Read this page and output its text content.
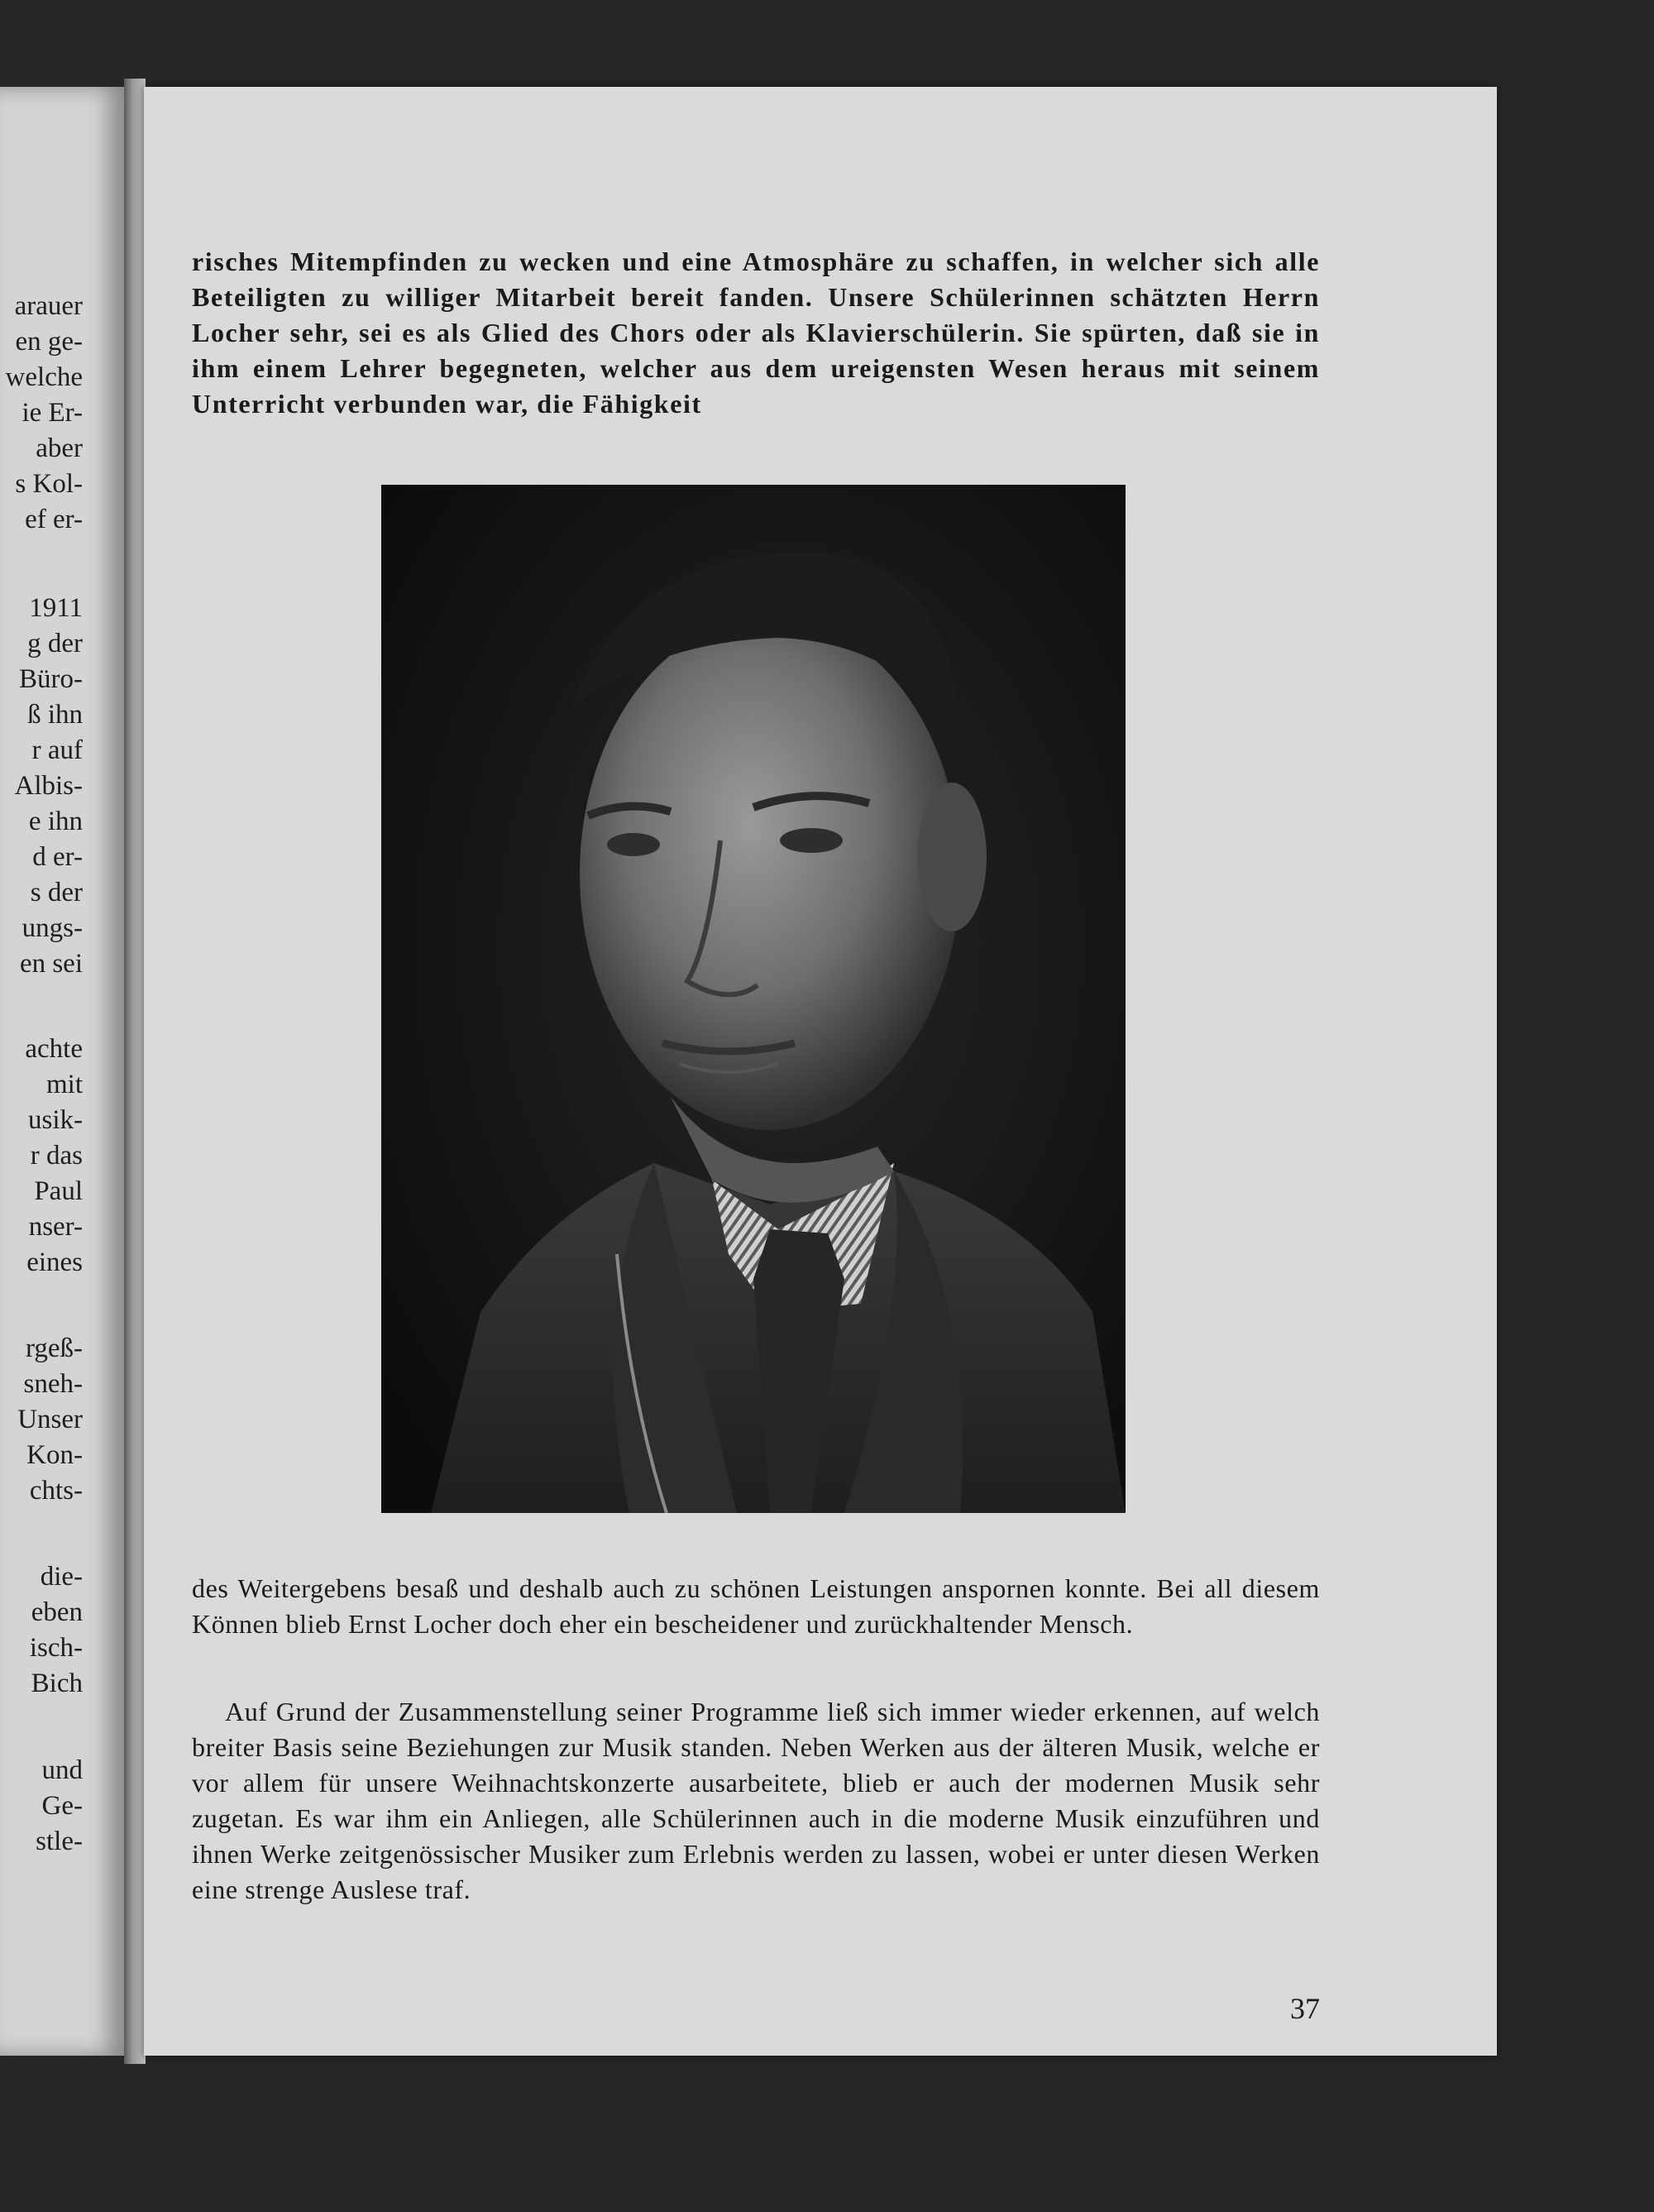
arauer
en ge-
welche
ie Er-
aber
s Kol-
ef er-
1911
g der
Büro-
ß ihn
r auf
Albis-
e ihn
d er-
s der
ungs-
en sei
achte
mit
usik-
r das
Paul
nser-
eines
rgeß-
sneh-
Unser
Kon-
chts-
die-
eben
isch-
Bich
und
Ge-
stle-

risches Mitempfinden zu wecken und eine Atmosphäre zu schaffen, in welcher sich alle Beteiligten zu williger Mitarbeit bereit fanden. Unsere Schülerinnen schätzten Herrn Locher sehr, sei es als Glied des Chors oder als Klavierschülerin. Sie spürten, daß sie in ihm einem Lehrer begegneten, welcher aus dem ureigensten Wesen heraus mit seinem Unterricht verbunden war, die Fähigkeit

des Weitergebens besaß und deshalb auch zu schönen Leistungen anspornen konnte. Bei all diesem Können blieb Ernst Locher doch eher ein bescheidener und zurückhaltender Mensch.

Auf Grund der Zusammenstellung seiner Programme ließ sich immer wieder erkennen, auf welch breiter Basis seine Beziehungen zur Musik standen. Neben Werken aus der älteren Musik, welche er vor allem für unsere Weihnachtskonzerte ausarbeitete, blieb er auch der modernen Musik sehr zugetan. Es war ihm ein Anliegen, alle Schülerinnen auch in die moderne Musik einzuführen und ihnen Werke zeitgenössischer Musiker zum Erlebnis werden zu lassen, wobei er unter diesen Werken eine strenge Auslese traf.

37
